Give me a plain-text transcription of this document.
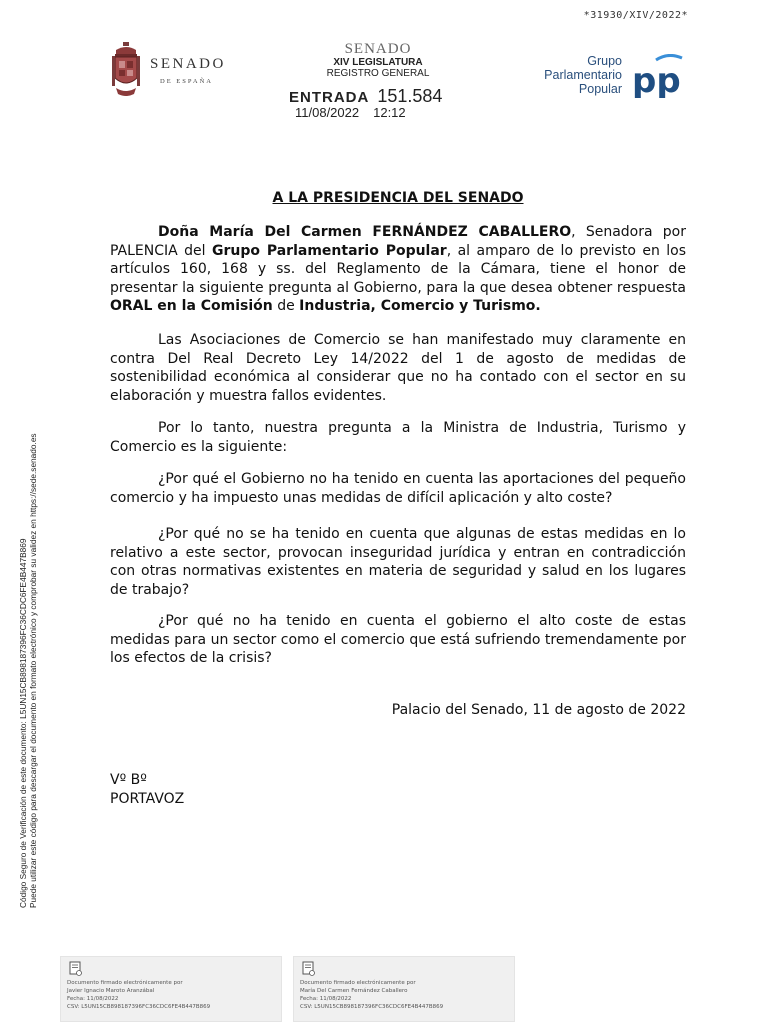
*31930/XIV/2022*
SENADO
DE ESPAÑA
SENADO
XIV LEGISLATURA
REGISTRO GENERAL
ENTRADA 151.584
11/08/2022 12:12
Grupo
Parlamentario
Popular pp
Código Seguro de Verificación de este documento: L5UN15CB898187396FC36CDC6FE4B447B869 Puede utilizar este código para descargar el documento en formato electrónico y comprobar su validez en https://sede.senado.es
A LA PRESIDENCIA DEL SENADO
Doña María Del Carmen FERNÁNDEZ CABALLERO, Senadora por PALENCIA del Grupo Parlamentario Popular, al amparo de lo previsto en los artículos 160, 168 y ss. del Reglamento de la Cámara, tiene el honor de presentar la siguiente pregunta al Gobierno, para la que desea obtener respuesta ORAL en la Comisión de Industria, Comercio y Turismo.
Las Asociaciones de Comercio se han manifestado muy claramente en contra Del Real Decreto Ley 14/2022 del 1 de agosto de medidas de sostenibilidad económica al considerar que no ha contado con el sector en su elaboración y muestra fallos evidentes.
Por lo tanto, nuestra pregunta a la Ministra de Industria, Turismo y Comercio es la siguiente:
¿Por qué el Gobierno no ha tenido en cuenta las aportaciones del pequeño comercio y ha impuesto unas medidas de difícil aplicación y alto coste?
¿Por qué no se ha tenido en cuenta que algunas de estas medidas en lo relativo a este sector, provocan inseguridad jurídica y entran en contradicción con otras normativas existentes en materia de seguridad y salud en los lugares de trabajo?
¿Por qué no ha tenido en cuenta el gobierno el alto coste de estas medidas para un sector como el comercio que está sufriendo tremendamente por los efectos de la crisis?
Palacio del Senado, 11 de agosto de 2022
Vº Bº
PORTAVOZ
Documento firmado electrónicamente por
Javier Ignacio Maroto Aranzábal
Fecha: 11/08/2022
CSV: L5UN15CB898187396FC36CDC6FE4B447B869
Documento firmado electrónicamente por
María Del Carmen Fernández Caballero
Fecha: 11/08/2022
CSV: L5UN15CB898187396FC36CDC6FE4B447B869
